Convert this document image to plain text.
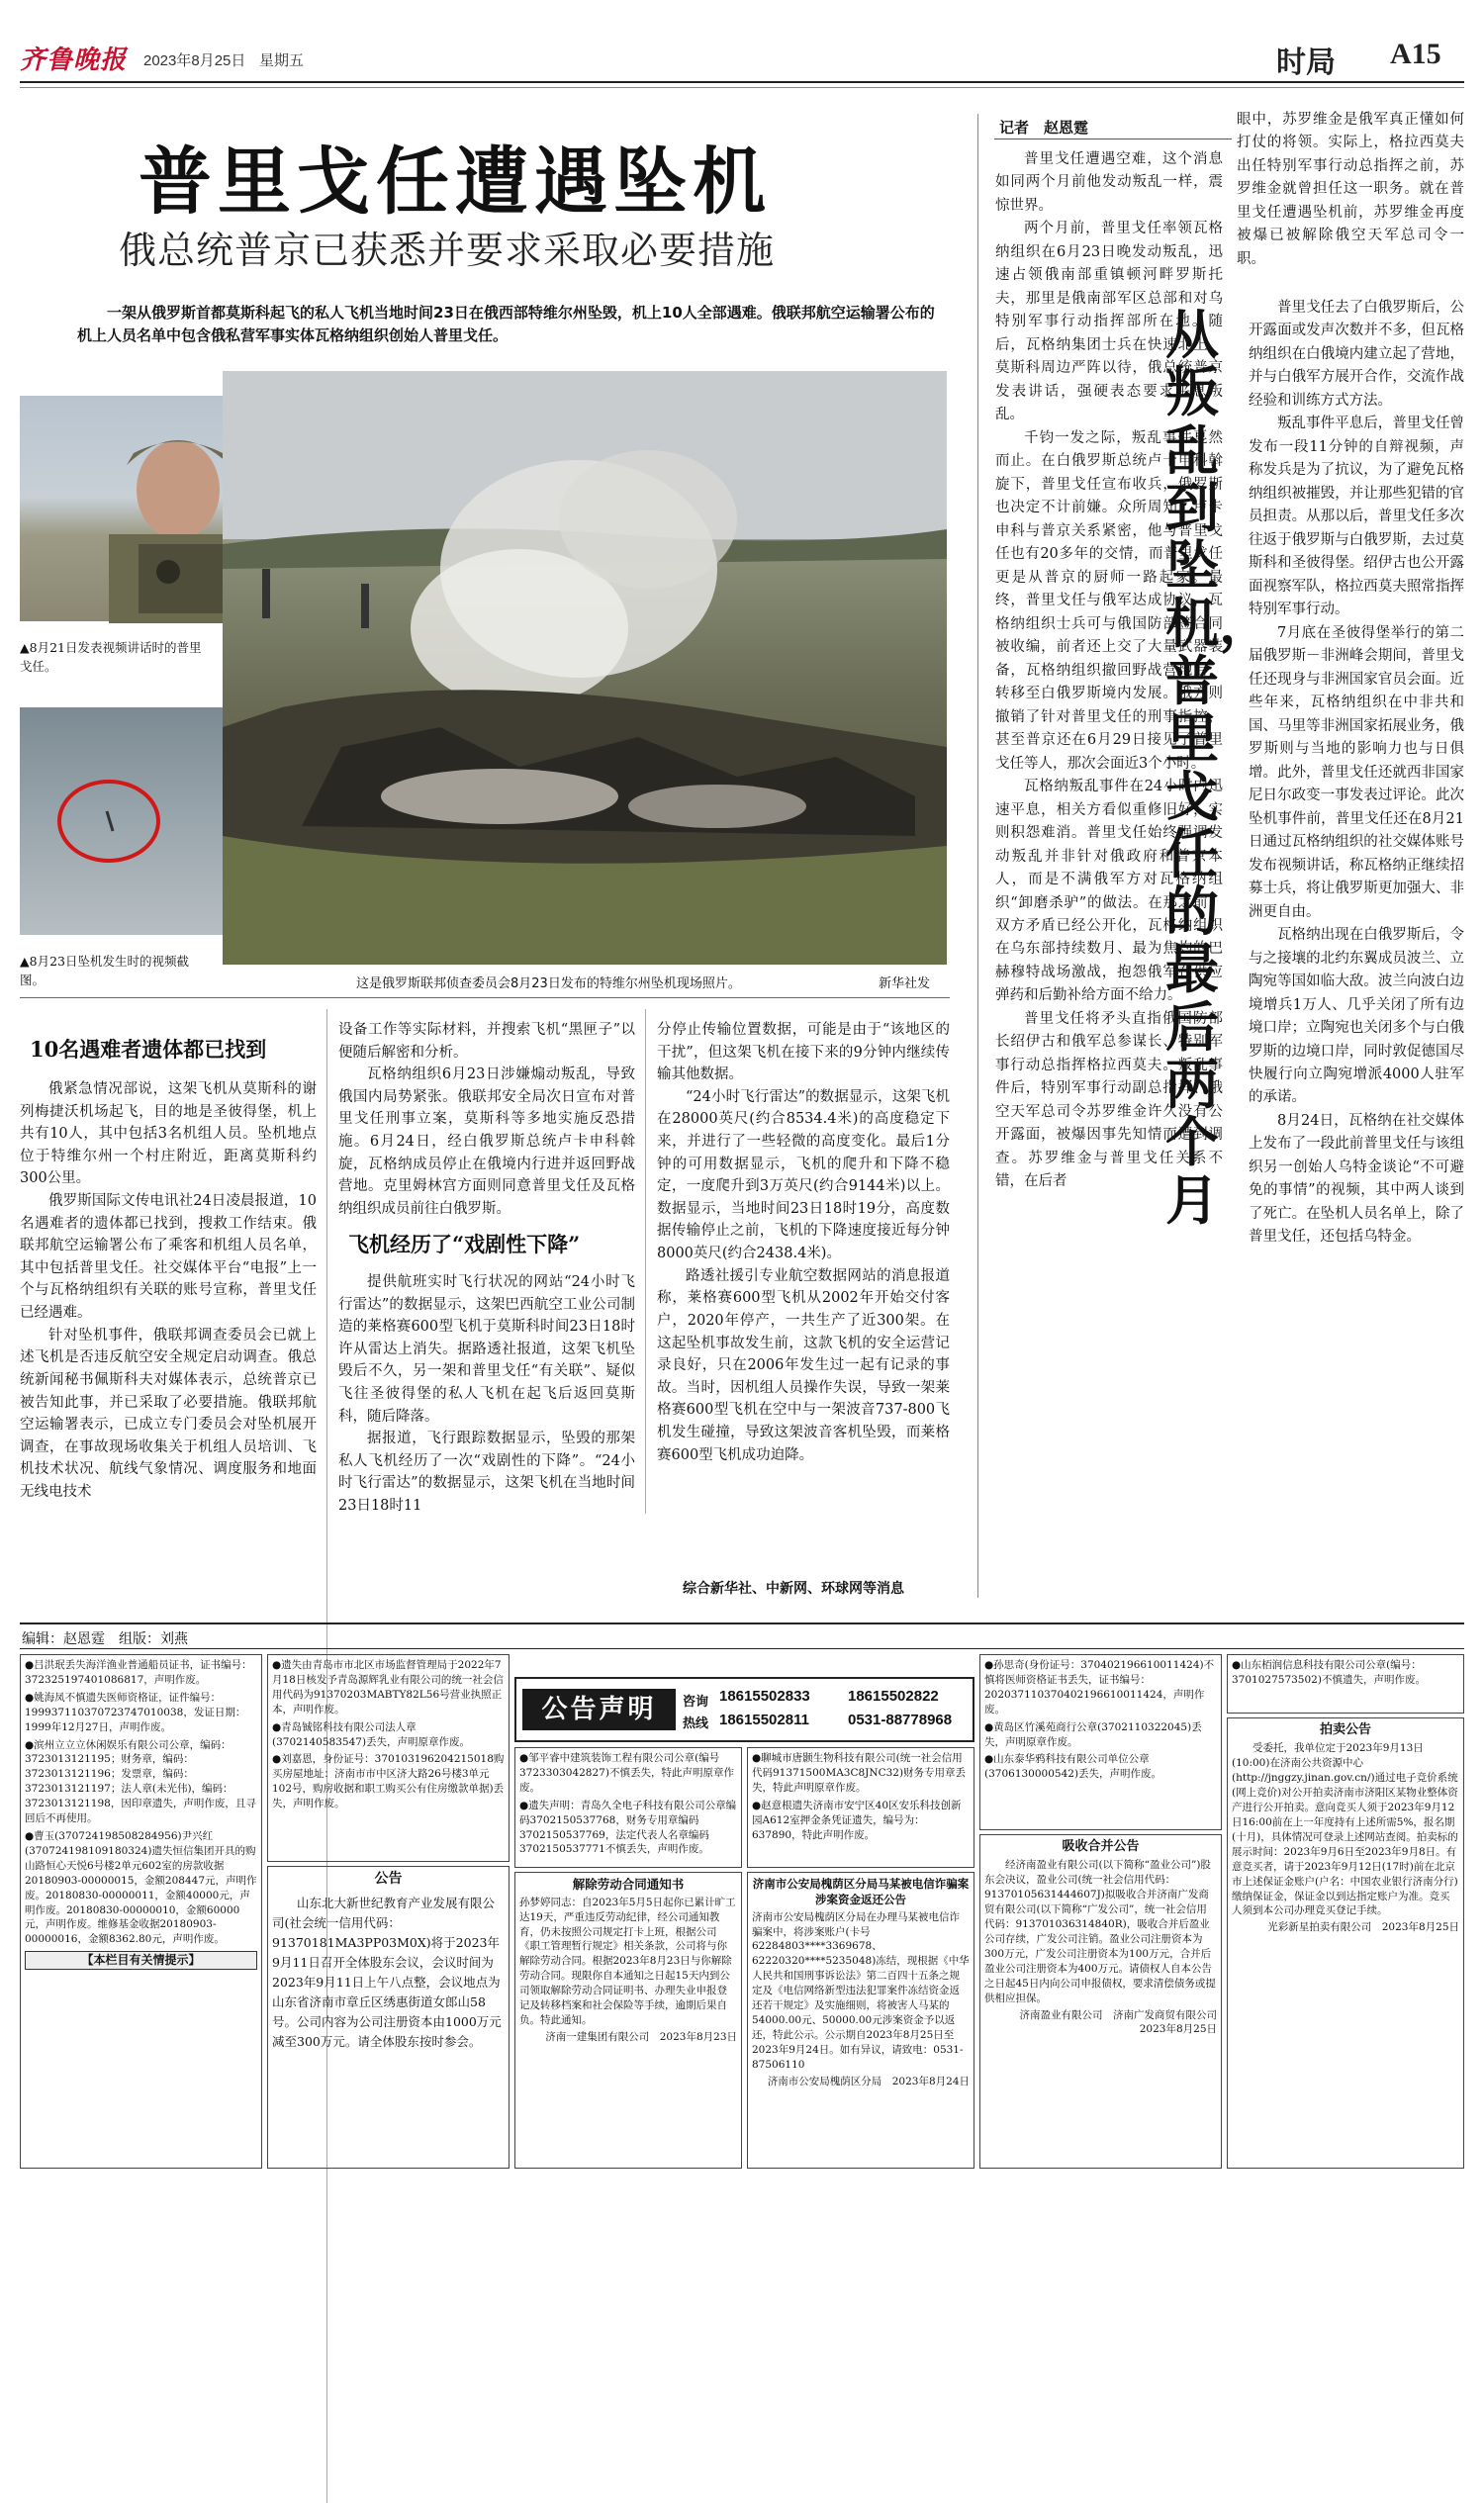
齐鲁晚报 2023年8月25日 星期五	时局 A15
普里戈任遭遇坠机
俄总统普京已获悉并要求采取必要措施
一架从俄罗斯首都莫斯科起飞的私人飞机当地时间23日在俄西部特维尔州坠毁，机上10人全部遇难。俄联邦航空运输署公布的机上人员名单中包含俄私营军事实体瓦格纳组织创始人普里戈任。
▲8月21日发表视频讲话时的普里戈任。
▲8月23日坠机发生时的视频截图。	这是俄罗斯联邦侦查委员会8月23日发布的特维尔州坠机现场照片。	新华社发
10名遇难者遗体都已找到

俄紧急情况部说，这架飞机从莫斯科的谢列梅捷沃机场起飞，目的地是圣彼得堡，机上共有10人，其中包括3名机组人员。坠机地点位于特维尔州一个村庄附近，距离莫斯科约300公里。

俄罗斯国际文传电讯社24日凌晨报道，10名遇难者的遗体都已找到，搜救工作结束。俄联邦航空运输署公布了乘客和机组人员名单，其中包括普里戈任。社交媒体平台“电报”上一个与瓦格纳组织有关联的账号宣称，普里戈任已经遇难。

针对坠机事件，俄联邦调查委员会已就上述飞机是否违反航空安全规定启动调查。俄总统新闻秘书佩斯科夫对媒体表示，总统普京已被告知此事，并已采取了必要措施。俄联邦航空运输署表示，已成立专门委员会对坠机展开调查，在事故现场收集关于机组人员培训、飞机技术状况、航线气象情况、调度服务和地面无线电技术

设备工作等实际材料，并搜索飞机“黑匣子”以便随后解密和分析。

瓦格纳组织6月23日涉嫌煽动叛乱，导致俄国内局势紧张。俄联邦安全局次日宣布对普里戈任刑事立案，莫斯科等多地实施反恐措施。6月24日，经白俄罗斯总统卢卡申科斡旋，瓦格纳成员停止在俄境内行进并返回野战营地。克里姆林宫方面则同意普里戈任及瓦格纳组织成员前往白俄罗斯。

飞机经历了“戏剧性下降”

提供航班实时飞行状况的网站“24小时飞行雷达”的数据显示，这架巴西航空工业公司制造的莱格赛600型飞机于莫斯科时间23日18时许从雷达上消失。据路透社报道，这架飞机坠毁后不久，另一架和普里戈任“有关联”、疑似飞往圣彼得堡的私人飞机在起飞后返回莫斯科，随后降落。

据报道，飞行跟踪数据显示，坠毁的那架私人飞机经历了一次“戏剧性的下降”。“24小时飞行雷达”的数据显示，这架飞机在当地时间23日18时11

分停止传输位置数据，可能是由于“该地区的干扰”，但这架飞机在接下来的9分钟内继续传输其他数据。

“24小时飞行雷达”的数据显示，这架飞机在28000英尺(约合8534.4米)的高度稳定下来，并进行了一些轻微的高度变化。最后1分钟的可用数据显示，飞机的爬升和下降不稳定，一度爬升到3万英尺(约合9144米)以上。数据显示，当地时间23日18时19分，高度数据传输停止之前，飞机的下降速度接近每分钟8000英尺(约合2438.4米)。

路透社援引专业航空数据网站的消息报道称，莱格赛600型飞机从2002年开始交付客户，2020年停产，一共生产了近300架。在这起坠机事故发生前，这款飞机的安全运营记录良好，只在2006年发生过一起有记录的事故。当时，因机组人员操作失误，导致一架莱格赛600型飞机在空中与一架波音737-800飞机发生碰撞，导致这架波音客机坠毁，而莱格赛600型飞机成功迫降。

综合新华社、中新网、环球网等消息
记者　赵恩霆

普里戈任遭遇空难，这个消息如同两个月前他发动叛乱一样，震惊世界。

两个月前，普里戈任率领瓦格纳组织在6月23日晚发动叛乱，迅速占领俄南部重镇顿河畔罗斯托夫，那里是俄南部军区总部和对乌特别军事行动指挥部所在地。随后，瓦格纳集团士兵在快速北上，莫斯科周边严阵以待，俄总统普京发表讲话，强硬表态要求平息叛乱。

千钧一发之际，叛乱事件戛然而止。在白俄罗斯总统卢卡申科斡旋下，普里戈任宣布收兵，俄罗斯也决定不计前嫌。众所周知，卢卡申科与普京关系紧密，他与普里戈任也有20多年的交情，而普里戈任更是从普京的厨师一路起家。最终，普里戈任与俄军达成协议，瓦格纳组织士兵可与俄国防部签合同被收编，前者还上交了大量武器装备，瓦格纳组织撤回野战营地后，转移至白俄罗斯境内发展。俄方则撤销了针对普里戈任的刑事指控，甚至普京还在6月29日接见了普里戈任等人，那次会面近3个小时。

瓦格纳叛乱事件在24小时内迅速平息，相关方看似重修旧好，实则积怨难消。普里戈任始终强调发动叛乱并非针对俄政府和普京本人，而是不满俄军方对瓦格纳组织“卸磨杀驴”的做法。在那之前，双方矛盾已经公开化，瓦格纳组织在乌东部持续数月、最为焦灼的巴赫穆特战场激战，抱怨俄军在供应弹药和后勤补给方面不给力。

普里戈任将矛头直指俄国防部长绍伊古和俄军总参谋长、特别军事行动总指挥格拉西莫夫。叛乱事件后，特别军事行动副总指挥、俄空天军总司令苏罗维金许久没有公开露面，被爆因事先知情而遭到调查。苏罗维金与普里戈任关系不错，在后者

眼中，苏罗维金是俄军真正懂如何打仗的将领。实际上，格拉西莫夫出任特别军事行动总指挥之前，苏罗维金就曾担任这一职务。就在普里戈任遭遇坠机前，苏罗维金再度被爆已被解除俄空天军总司令一职。

从叛
乱到坠
机，
普里
戈任
的最
后两
个月

普里戈任去了白俄罗斯后，公开露面或发声次数并不多，但瓦格纳组织在白俄境内建立起了营地，并与白俄军方展开合作，交流作战经验和训练方式方法。

叛乱事件平息后，普里戈任曾发布一段11分钟的自辩视频，声称发兵是为了抗议，为了避免瓦格纳组织被摧毁，并让那些犯错的官员担责。从那以后，普里戈任多次往返于俄罗斯与白俄罗斯，去过莫斯科和圣彼得堡。绍伊古也公开露面视察军队，格拉西莫夫照常指挥特别军事行动。

7月底在圣彼得堡举行的第二届俄罗斯－非洲峰会期间，普里戈任还现身与非洲国家官员会面。近些年来，瓦格纳组织在中非共和国、马里等非洲国家拓展业务，俄罗斯则与当地的影响力也与日俱增。此外，普里戈任还就西非国家尼日尔政变一事发表过评论。此次坠机事件前，普里戈任还在8月21日通过瓦格纳组织的社交媒体账号发布视频讲话，称瓦格纳正继续招募士兵，将让俄罗斯更加强大、非洲更自由。

瓦格纳出现在白俄罗斯后，令与之接壤的北约东翼成员波兰、立陶宛等国如临大敌。波兰向波白边境增兵1万人、几乎关闭了所有边境口岸；立陶宛也关闭多个与白俄罗斯的边境口岸，同时敦促德国尽快履行向立陶宛增派4000人驻军的承诺。

8月24日，瓦格纳在社交媒体上发布了一段此前普里戈任与该组织另一创始人乌特金谈论“不可避免的事情”的视频，其中两人谈到了死亡。在坠机人员名单上，除了普里戈任，还包括乌特金。

编辑：赵恩霆　组版：刘燕
●吕洪珉丢失海洋渔业普通船员证书，证书编号：372325197401086817，声明作废。
●姚海凤不慎遗失医师资格证，证件编号：199937110370723747010038，发证日期：1999年12月27日，声明作废。
●滨州立立立休闲娱乐有限公司公章，编码：3723013121195；财务章，编码：3723013121196；发票章，编码：3723013121197；法人章(未光伟)，编码：3723013121198，因印章遗失，声明作废，且寻回后不再使用。
●曹玉(370724198508284956)尹兴红(370724198109180324)遗失恒信集团开具的购山路恒心天悦6号楼2单元602室的房款收据20180903-00000015，金额208447元，声明作废。20180830-00000011，金额40000元，声明作废。20180830-00000010，金额60000元，声明作废。维修基金收据20180903-00000016，金额8362.80元，声明作废。
【本栏目有关情提示】
●遗失由青岛市市北区市场监督管理局于2022年7月18日核发予青岛源辉乳业有限公司的统一社会信用代码为91370203MABTY82L56号营业执照正本，声明作废。
●青岛铖铭科技有限公司法人章(3702140583547)丢失，声明原章作废。
●刘嘉恩，身份证号：370103196204215018购买房屋地址：济南市市中区济大路26号楼3单元102号，购房收据和职工购买公有住房缴款单据)丢失，声明作废。
公告
山东北大新世纪教育产业发展有限公司(社会统一信用代码：91370181MA3PP03M0X)将于2023年9月11日召开全体股东会议，会议时间为2023年9月11日上午八点整，会议地点为山东省济南市章丘区绣惠街道女郎山58号。公司内容为公司注册资本由1000万元减至300万元。请全体股东按时参会。
公告声明	咨询
热线
18615502833	18615502822
18615502811	0531-88778968
●邹平睿中建筑装饰工程有限公司公章(编号3723303042827)不慎丢失，特此声明原章作废。
●遗失声明：青岛久全电子科技有限公司公章编码3702150537768，财务专用章编码3702150537769，法定代表人名章编码3702150537771不慎丢失，声明作废。
解除劳动合同通知书
孙梦婷同志：自2023年5月5日起你已累计旷工达19天，严重违反劳动纪律，经公司通知教育，仍未按照公司规定打卡上班，根据公司《职工管理暂行规定》相关条款，公司将与你解除劳动合同。根据2023年8月23日与你解除劳动合同。现限你自本通知之日起15天内到公司领取解除劳动合同证明书、办理失业申报登记及转移档案和社会保险等手续，逾期后果自负。特此通知。
济南一建集团有限公司　2023年8月23日
●聊城市唐颢生物科技有限公司(统一社会信用代码91371500MA3C8JNC32)财务专用章丢失，特此声明原章作废。
●赵意根遗失济南市安宁区40区安乐科技创新园A612室押金条凭证遗失，编号为：637890，特此声明作废。
济南市公安局槐荫区分局马某被电信诈骗案涉案资金返还公告
济南市公安局槐荫区分局在办理马某被电信诈骗案中，将涉案账户(卡号62284803****3369678、62220320****5235048)冻结，现根据《中华人民共和国刑事诉讼法》第二百四十五条之规定及《电信网络新型违法犯罪案件冻结资金返还若干规定》及实施细则，将被害人马某的54000.00元、50000.00元涉案资金予以返还，特此公示。公示期自2023年8月25日至2023年9月24日。如有异议，请致电：0531-87506110
济南市公安局槐荫区分局　2023年8月24日
●孙思奇(身份证号：370402196610011424)不慎将医师资格证书丢失，证书编号：202037110370402196610011424，声明作废。
●黄岛区竹溪苑商行公章(3702110322045)丢失，声明原章作废。
●山东泰华鸦科技有限公司单位公章(3706130000542)丢失，声明作废。
吸收合并公告
经济南盈业有限公司(以下简称“盈业公司”)股东会决议，盈业公司(统一社会信用代码：91370105631444607J)拟吸收合并济南广发商贸有限公司(以下简称“广发公司”，统一社会信用代码：913701036314840R)，吸收合并后盈业公司存续，广发公司注销。盈业公司注册资本为300万元，广发公司注册资本为100万元，合并后盈业公司注册资本为400万元。请债权人自本公告之日起45日内向公司申报债权，要求清偿债务或提供相应担保。
济南盈业有限公司　济南广发商贸有限公司　2023年8月25日
●山东栢润信息科技有限公司公章(编号：3701027573502)不慎遗失，声明作废。
拍卖公告
受委托，我单位定于2023年9月13日(10:00)在济南公共资源中心(http://jnggzy.jinan.gov.cn/)通过电子竞价系统(网上竞价)对公开拍卖济南市济阳区某物业整体资产进行公开拍卖。意向竞买人须于2023年9月12日16:00前在上一年度持有上述所需5%，报名期(十月)，具体情况可登录上述网站查阅。拍卖标的展示时间：2023年9月6日至2023年9月8日。有意竞买者，请于2023年9月12日(17时)前在北京市上述保证金账户(户名：中国农业银行济南分行)缴纳保证金，保证金以到达指定账户为准。竞买人须到本公司办理竞买登记手续。
光彩新星拍卖有限公司　2023年8月25日
